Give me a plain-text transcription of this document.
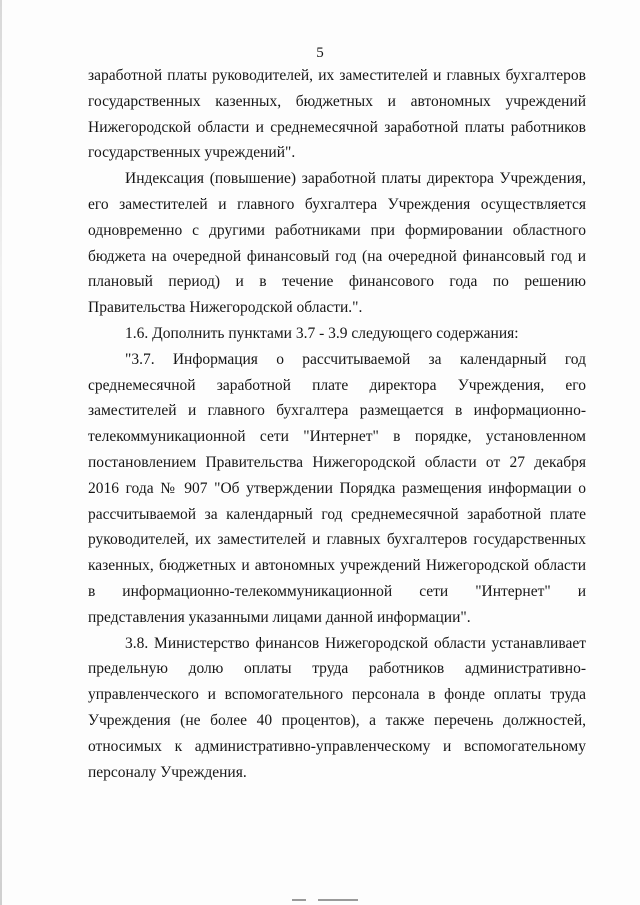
5
заработной платы руководителей, их заместителей и главных бухгалтеров
государственных казенных, бюджетных и автономных учреждений
Нижегородской области и среднемесячной заработной платы работников
государственных учреждений".
Индексация (повышение) заработной платы директора Учреждения,
его заместителей и главного бухгалтера Учреждения осуществляется
одновременно с другими работниками при формировании областного
бюджета на очередной финансовый год (на очередной финансовый год и
плановый период) и в течение финансового года по решению
Правительства Нижегородской области.".
1.6. Дополнить пунктами 3.7 - 3.9 следующего содержания:
"3.7. Информация о рассчитываемой за календарный год
среднемесячной заработной плате директора Учреждения, его
заместителей и главного бухгалтера размещается в информационно-
телекоммуникационной сети "Интернет" в порядке, установленном
постановлением Правительства Нижегородской области от 27 декабря
2016 года № 907 "Об утверждении Порядка размещения информации о
рассчитываемой за календарный год среднемесячной заработной плате
руководителей, их заместителей и главных бухгалтеров государственных
казенных, бюджетных и автономных учреждений Нижегородской области
в информационно-телекоммуникационной сети "Интернет" и
представления указанными лицами данной информации".
3.8. Министерство финансов Нижегородской области устанавливает
предельную долю оплаты труда работников административно-
управленческого и вспомогательного персонала в фонде оплаты труда
Учреждения (не более 40 процентов), а также перечень должностей,
относимых к административно-управленческому и вспомогательному
персоналу Учреждения.
